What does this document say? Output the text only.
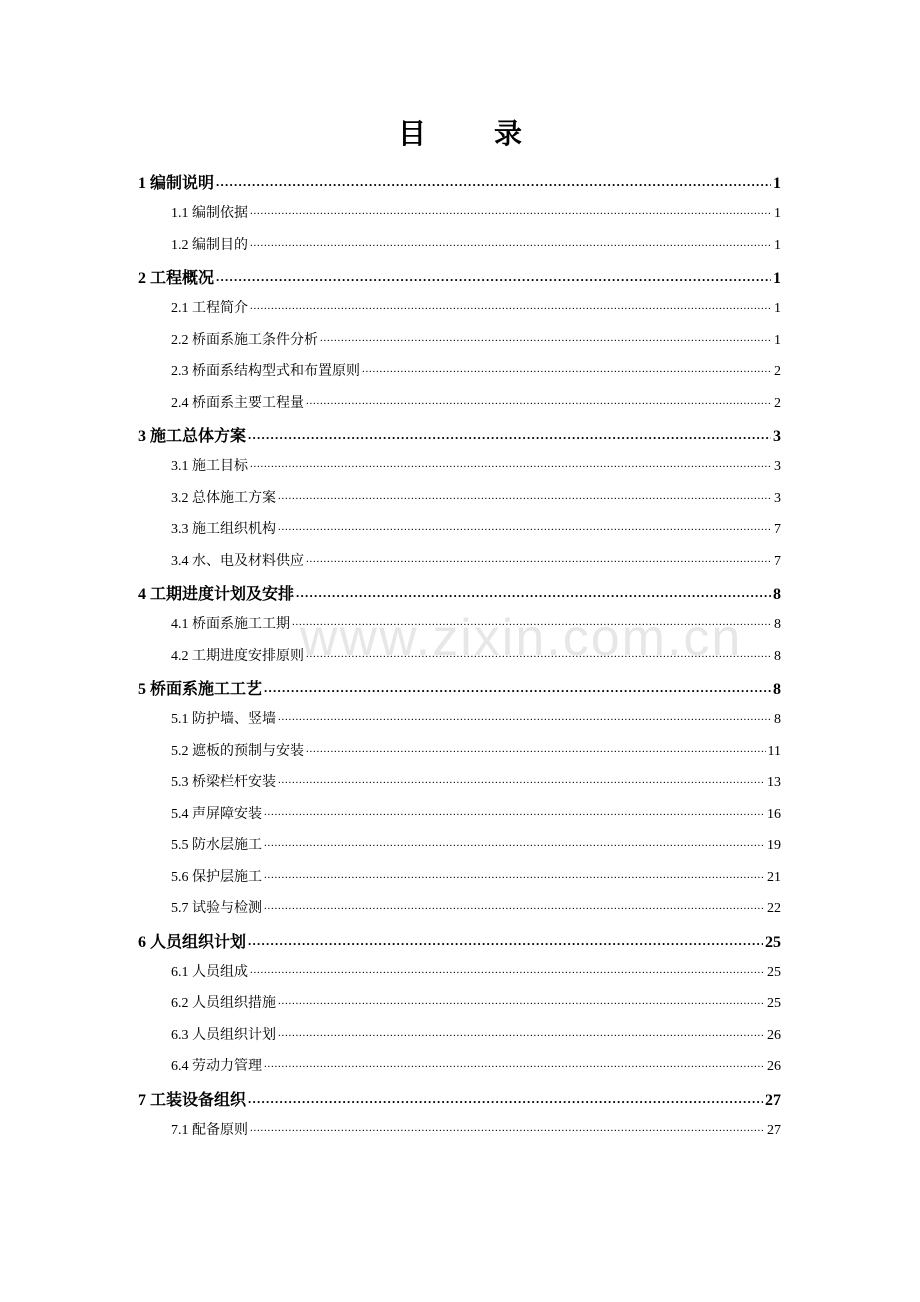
目　录
www.zixin.com.cn
1 编制说明 . . .	1
1.1 编制依据 . . .	1
1.2 编制目的 . . .	1
2 工程概况 . . .	1
2.1 工程简介 . . .	1
2.2 桥面系施工条件分析 . . .	1
2.3 桥面系结构型式和布置原则 . . .	2
2.4 桥面系主要工程量 . . .	2
3 施工总体方案 . . .	3
3.1 施工目标 . . .	3
3.2 总体施工方案 . . .	3
3.3 施工组织机构 . . .	7
3.4 水、电及材料供应 . . .	7
4 工期进度计划及安排 . . .	8
4.1 桥面系施工工期 . . .	8
4.2 工期进度安排原则 . . .	8
5 桥面系施工工艺 . . .	8
5.1 防护墙、竖墙 . . .	8
5.2 遮板的预制与安装 . . .	11
5.3 桥梁栏杆安装 . . .	13
5.4 声屏障安装 . . .	16
5.5 防水层施工 . . .	19
5.6 保护层施工 . . .	21
5.7 试验与检测 . . .	22
6 人员组织计划 . . .	25
6.1 人员组成 . . .	25
6.2 人员组织措施 . . .	25
6.3 人员组织计划 . . .	26
6.4 劳动力管理 . . .	26
7 工装设备组织 . . .	27
7.1 配备原则 . . .	27
